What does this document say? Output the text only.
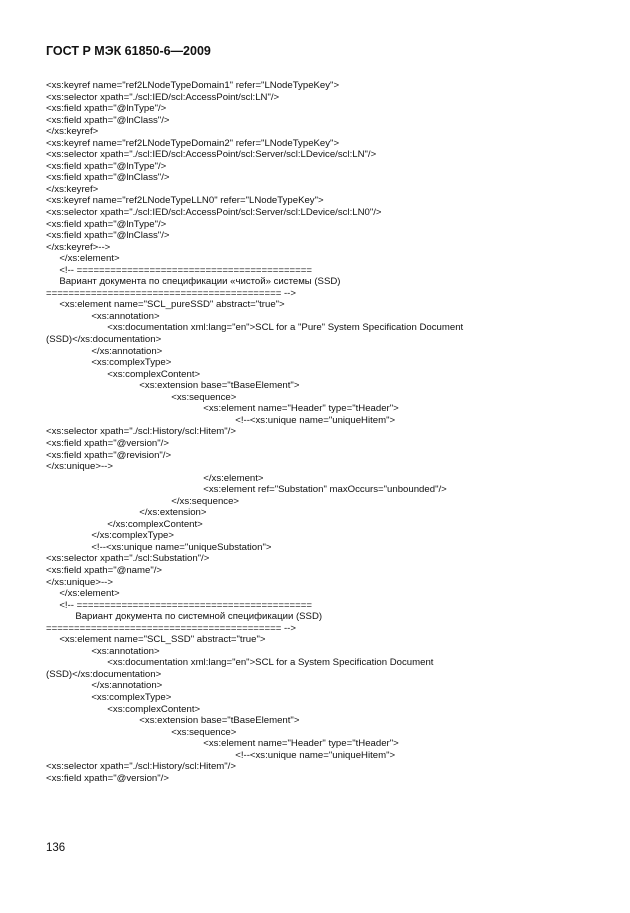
ГОСТ Р МЭК 61850-6—2009
<xs:keyref name="ref2LNodeTypeDomain1" refer="LNodeTypeKey">
<xs:selector xpath="./scl:IED/scl:AccessPoint/scl:LN"/>
<xs:field xpath="@lnType"/>
<xs:field xpath="@lnClass"/>
</xs:keyref>
<xs:keyref name="ref2LNodeTypeDomain2" refer="LNodeTypeKey">
<xs:selector xpath="./scl:IED/scl:AccessPoint/scl:Server/scl:LDevice/scl:LN"/>
<xs:field xpath="@lnType"/>
<xs:field xpath="@lnClass"/>
</xs:keyref>
<xs:keyref name="ref2LNodeTypeLLN0" refer="LNodeTypeKey">
<xs:selector xpath="./scl:IED/scl:AccessPoint/scl:Server/scl:LDevice/scl:LN0"/>
<xs:field xpath="@lnType"/>
<xs:field xpath="@lnClass"/>
</xs:keyref>-->
</xs:element>
<!-- ==========================================
Вариант документа по спецификации «чистой» системы (SSD)
========================================== -->
<xs:element name="SCL_pureSSD" abstract="true">
<xs:annotation>
<xs:documentation xml:lang="en">SCL for a "Pure" System Specification Document
(SSD)</xs:documentation>
</xs:annotation>
<xs:complexType>
<xs:complexContent>
<xs:extension base="tBaseElement">
<xs:sequence>
<xs:element name="Header" type="tHeader">
<!--<xs:unique name="uniqueHitem">
<xs:selector xpath="./scl:History/scl:Hitem"/>
<xs:field xpath="@version"/>
<xs:field xpath="@revision"/>
</xs:unique>-->
</xs:element>
<xs:element ref="Substation" maxOccurs="unbounded"/>
</xs:sequence>
</xs:extension>
</xs:complexContent>
</xs:complexType>
<!--<xs:unique name="uniqueSubstation">
<xs:selector xpath="./scl:Substation"/>
<xs:field xpath="@name"/>
</xs:unique>-->
</xs:element>
<!-- ==========================================
Вариант документа по системной спецификации (SSD)
========================================== -->
<xs:element name="SCL_SSD" abstract="true">
<xs:annotation>
<xs:documentation xml:lang="en">SCL for a System Specification Document
(SSD)</xs:documentation>
</xs:annotation>
<xs:complexType>
<xs:complexContent>
<xs:extension base="tBaseElement">
<xs:sequence>
<xs:element name="Header" type="tHeader">
<!--<xs:unique name="uniqueHitem">
<xs:selector xpath="./scl:History/scl:Hitem"/>
<xs:field xpath="@version"/>
136
